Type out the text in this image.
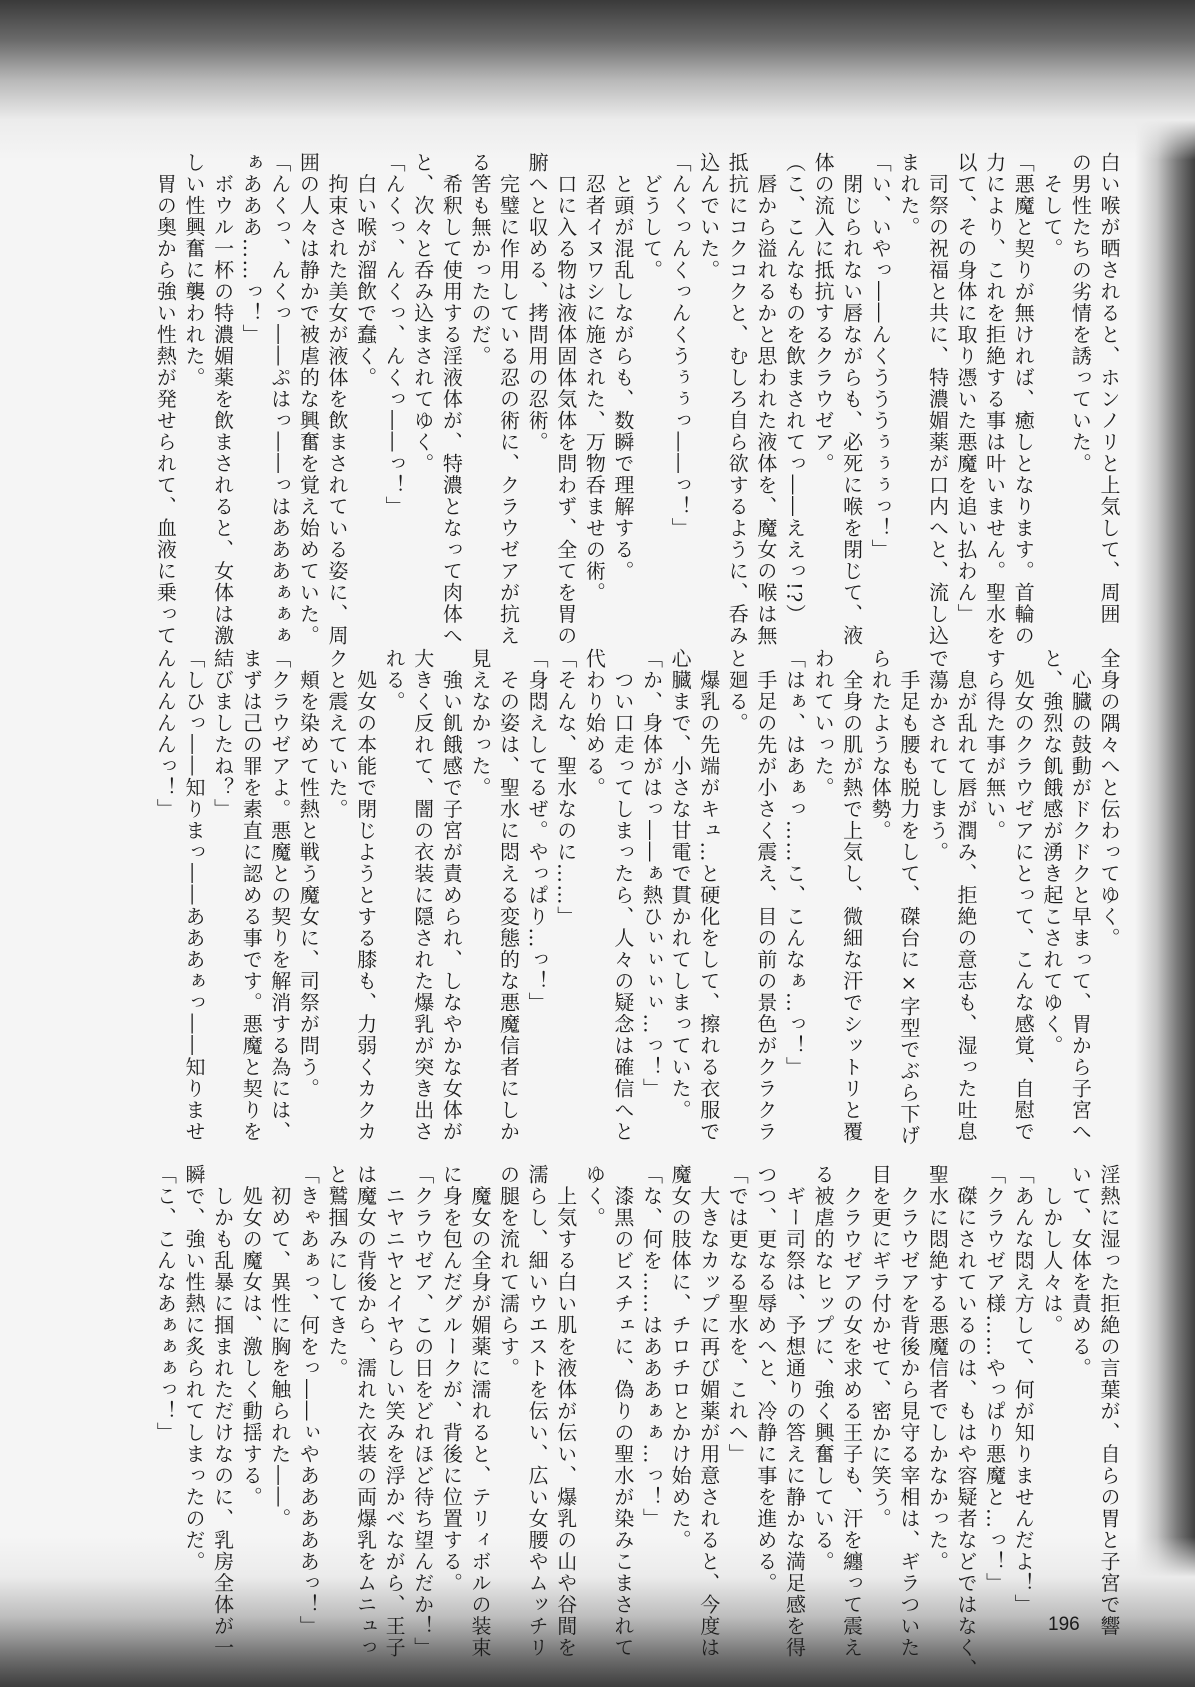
白い喉が晒されると、ホンノリと上気して、周囲
の男性たちの劣情を誘っていた。
　そして。
「悪魔と契りが無ければ、癒しとなります。首輪の
力により、これを拒絶する事は叶いません。聖水を
以て、その身体に取り憑いた悪魔を追い払わん」
　司祭の祝福と共に、特濃媚薬が口内へと、流し込
まれた。
「い、いやっ――んくうううぅぅぅっ！」
　閉じられない唇ながらも、必死に喉を閉じて、液
体の流入に抵抗するクラウゼア。
（こ、こんなものを飲まされてっ――ええっ!?）
　唇から溢れるかと思われた液体を、魔女の喉は無
抵抗にコクコクと、むしろ自ら欲するように、呑み
込んでいた。
「んくっんくっんくうぅぅっ――っ！」
　どうして。
　と頭が混乱しながらも、数瞬で理解する。
　忍者イヌワシに施された、万物呑ませの術。
　口に入る物は液体固体気体を問わず、全てを胃の
腑へと収める、拷問用の忍術。
　完璧に作用している忍の術に、クラウゼアが抗え
る筈も無かったのだ。
　希釈して使用する淫液体が、特濃となって肉体へ
と、次々と呑み込まされてゆく。
「んくっ、んくっ、んくっ――っ！」
　白い喉が溜飲で蠢く。
　拘束された美女が液体を飲まされている姿に、周
囲の人々は静かで被虐的な興奮を覚え始めていた。
「んくっ、んくっ――ぷはっ――っはあああぁぁぁ
ぁあああ……っ！」
　ボウル一杯の特濃媚薬を飲まされると、女体は激
しい性興奮に襲われた。
　胃の奥から強い性熱が発せられて、血液に乗って
全身の隅々へと伝わってゆく。
　心臓の鼓動がドクドクと早まって、胃から子宮へ
と、強烈な飢餓感が湧き起こされてゆく。
　処女のクラウゼアにとって、こんな感覚、自慰で
すら得た事が無い。
　息が乱れて唇が潤み、拒絶の意志も、湿った吐息
で蕩かされてしまう。
　手足も腰も脱力をして、磔台に×字型でぶら下げ
られたような体勢。
　全身の肌が熱で上気し、微細な汗でシットリと覆
われていった。
「はぁ、はあぁっ……こ、こんなぁ…っ！」
　手足の先が小さく震え、目の前の景色がクラクラ
と廻る。
　爆乳の先端がキュ…と硬化をして、擦れる衣服で
心臓まで、小さな甘電で貫かれてしまっていた。
「か、身体がはっ――ぁ熱ひぃぃぃぃ…っ！」
　つい口走ってしまったら、人々の疑念は確信へと
代わり始める。
「そんな、聖水なのに……」
「身悶えしてるぜ。やっぱり…っ！」
　その姿は、聖水に悶える変態的な悪魔信者にしか
見えなかった。
　強い飢餓感で子宮が責められ、しなやかな女体が
大きく反れて、闇の衣装に隠された爆乳が突き出さ
れる。
　処女の本能で閉じようとする膝も、力弱くカクカ
クと震えていた。
　頬を染めて性熱と戦う魔女に、司祭が問う。
「クラウゼアよ。悪魔との契りを解消する為には、
まずは己の罪を素直に認める事です。悪魔と契りを
結びましたね？」
「しひっ――知りまっ――あああぁっ――知りませ
んんんんんっ！」
淫熱に湿った拒絶の言葉が、自らの胃と子宮で響
いて、女体を責める。
　しかし人々は。
「あんな悶え方して、何が知りませんだよ！」
「クラウゼア様……やっぱり悪魔と…っ！」
　磔にされているのは、もはや容疑者などではなく、
聖水に悶絶する悪魔信者でしかなかった。
　クラウゼアを背後から見守る宰相は、ギラついた
目を更にギラ付かせて、密かに笑う。
　クラウゼアの女を求める王子も、汗を纏って震え
る被虐的なヒップに、強く興奮している。
　ギー司祭は、予想通りの答えに静かな満足感を得
つつ、更なる辱めへと、冷静に事を進める。
「では更なる聖水を、これへ」
　大きなカップに再び媚薬が用意されると、今度は
魔女の肢体に、チロチロとかけ始めた。
「な、何を……はあああぁぁ…っ！」
　漆黒のビスチェに、偽りの聖水が染みこまされて
ゆく。
　上気する白い肌を液体が伝い、爆乳の山や谷間を
濡らし、細いウエストを伝い、広い女腰やムッチリ
の腿を流れて濡らす。
　魔女の全身が媚薬に濡れると、テリィボルの装束
に身を包んだグルークが、背後に位置する。
「クラウゼア、この日をどれほど待ち望んだか！」
　ニヤニヤとイヤらしい笑みを浮かべながら、王子
は魔女の背後から、濡れた衣装の両爆乳をムニュっ
と鷲掴みにしてきた。
「きゃあぁっ、何をっ――ぃやあああああっ！」
　初めて、異性に胸を触られた――。
　処女の魔女は、激しく動揺する。
　しかも乱暴に掴まれただけなのに、乳房全体が一
瞬で、強い性熱に炙られてしまったのだ。
「こ、こんなあぁぁぁっ！」
196
